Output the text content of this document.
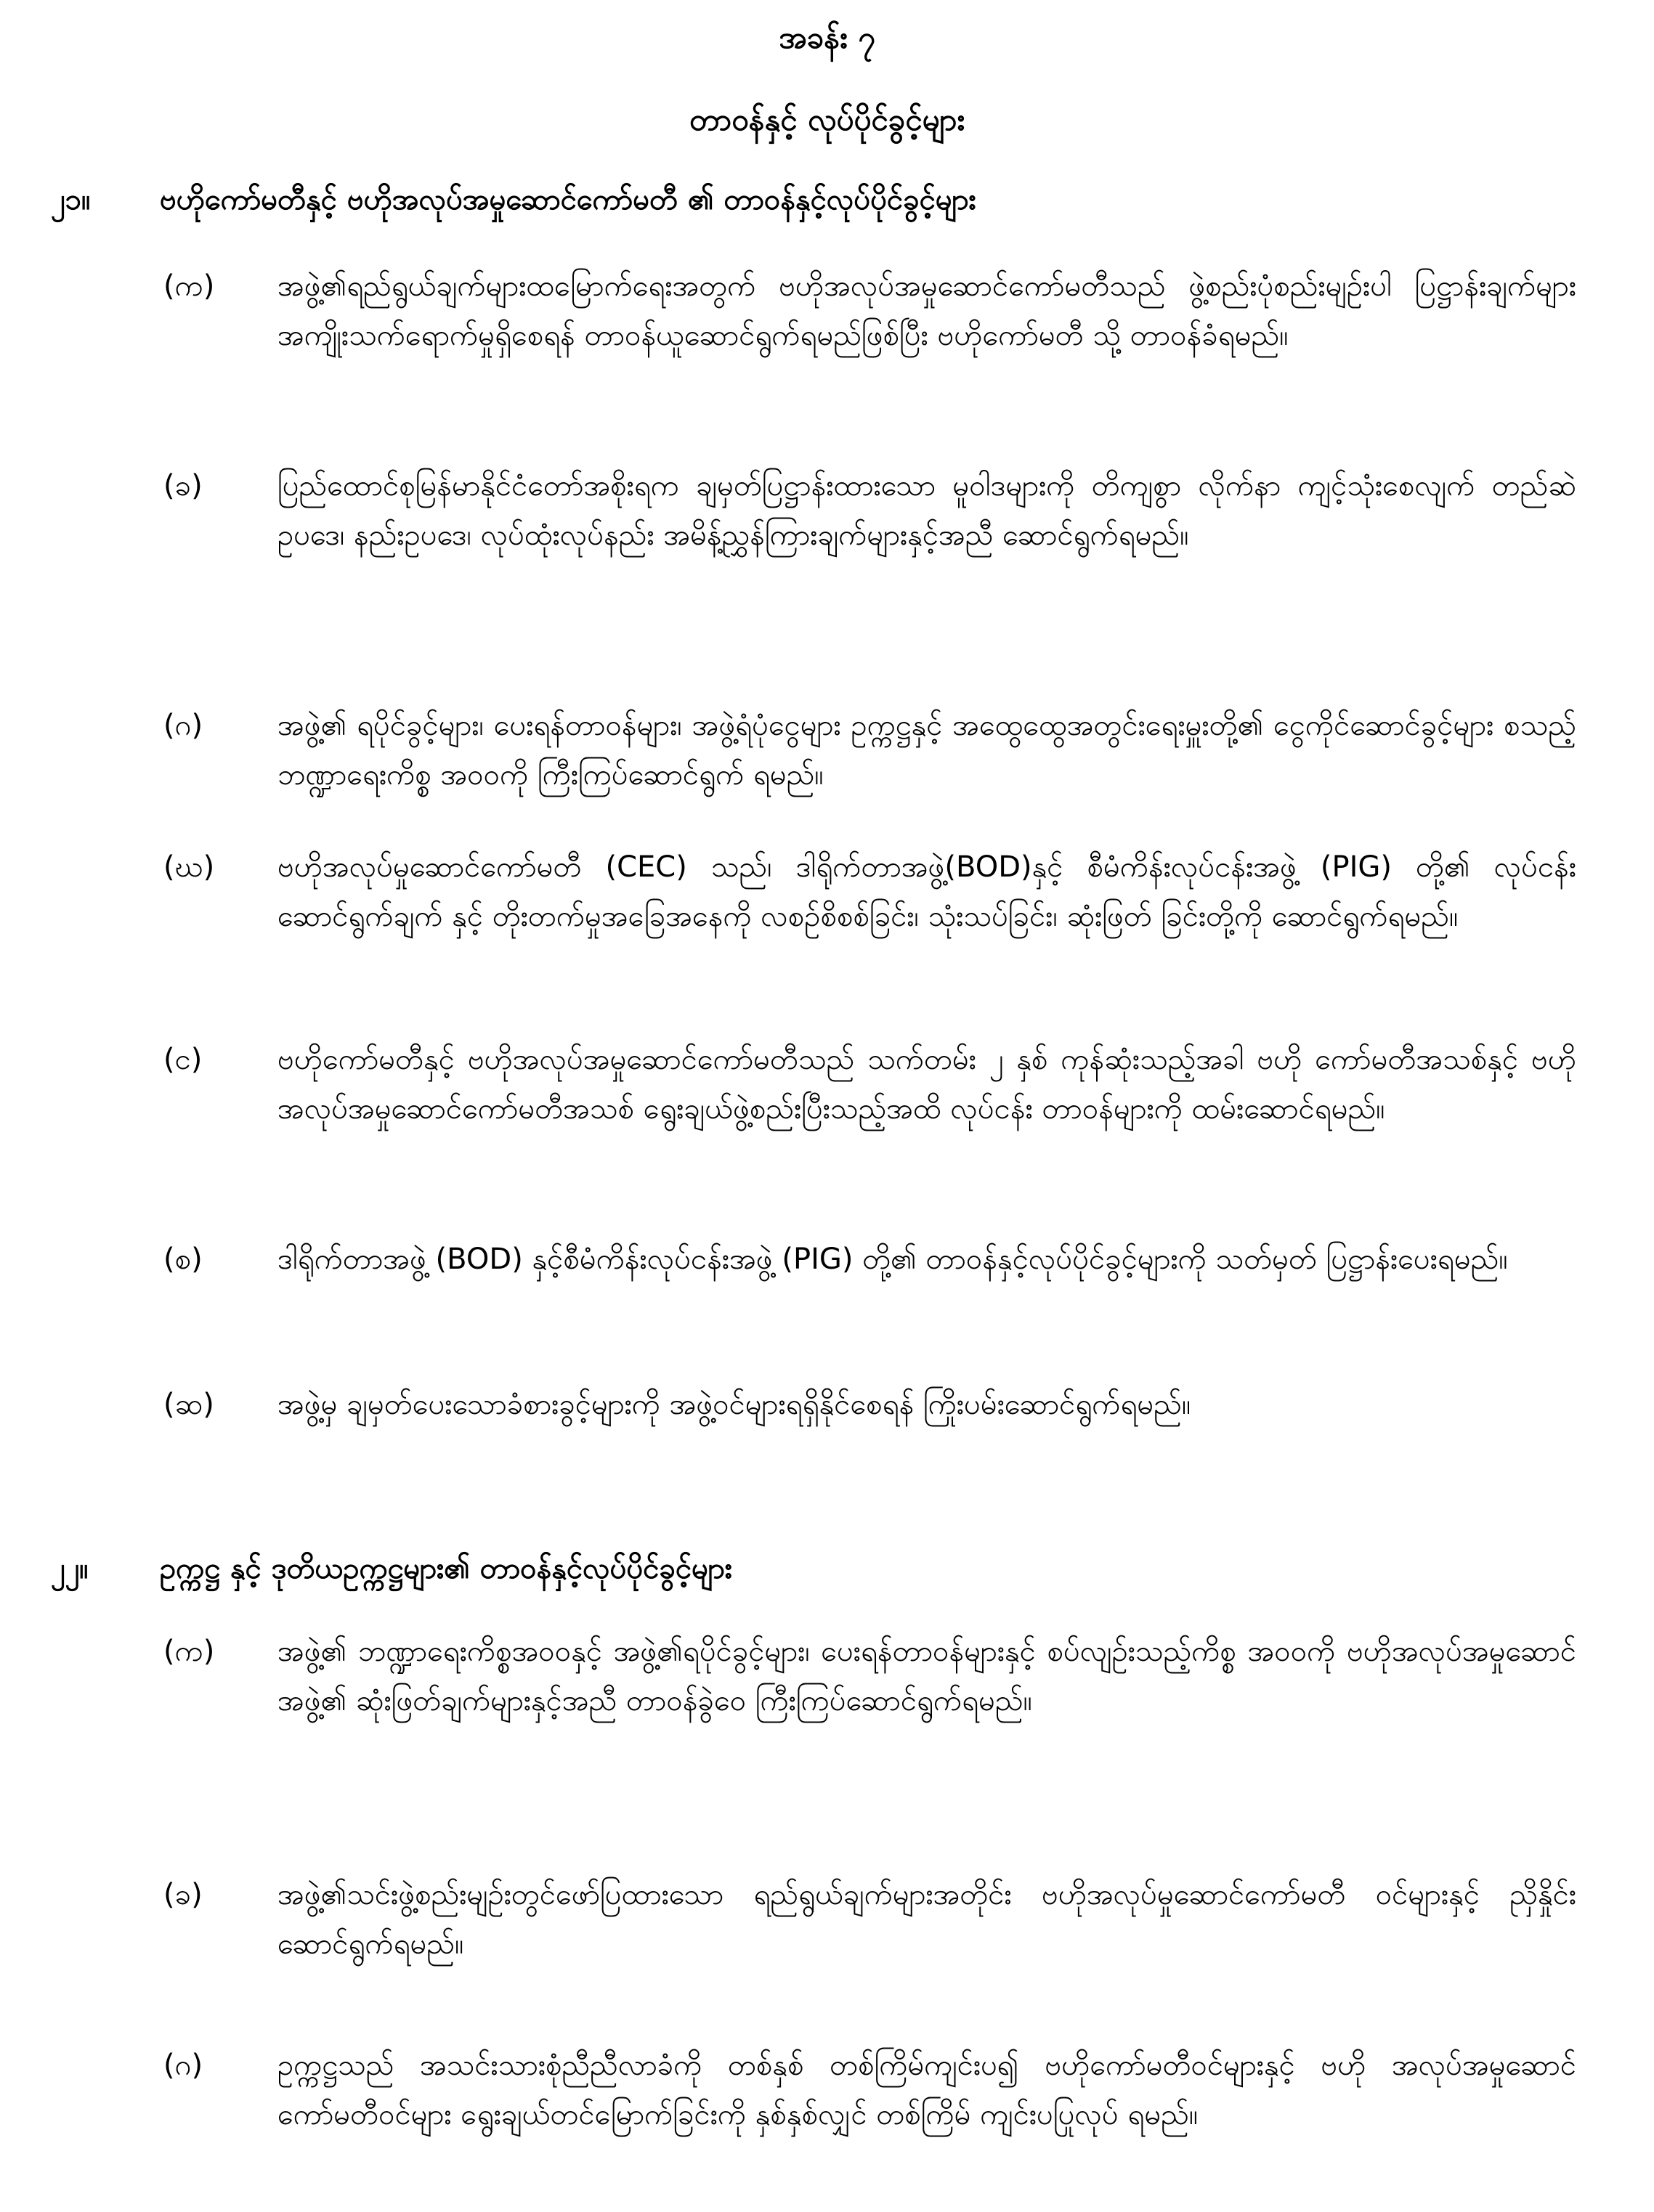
အခန်း ၇
တာဝန်နှင့် လုပ်ပိုင်ခွင့်များ
၂၁။	ဗဟိုကော်မတီနှင့် ဗဟိုအလုပ်အမှုဆောင်ကော်မတီ ၏ တာဝန်နှင့်လုပ်ပိုင်ခွင့်များ
(က)	အဖွဲ့၏ရည်ရွယ်ချက်များထမြောက်ရေးအတွက် ဗဟိုအလုပ်အမှုဆောင်ကော်မတီသည် ဖွဲ့စည်းပုံစည်းမျဉ်းပါ ပြဋ္ဌာန်းချက်များ အကျိုးသက်ရောက်မှုရှိစေရန် တာဝန်ယူဆောင်ရွက်ရမည်ဖြစ်ပြီး ဗဟိုကော်မတီ သို့ တာဝန်ခံရမည်။
(ခ)	ပြည်ထောင်စုမြန်မာနိုင်ငံတော်အစိုးရက ချမှတ်ပြဋ္ဌာန်းထားသော မူဝါဒများကို တိကျစွာ လိုက်နာ ကျင့်သုံးစေလျက် တည်ဆဲဥပဒေ၊ နည်းဥပဒေ၊ လုပ်ထုံးလုပ်နည်း အမိန့်ညွှန်ကြားချက်များနှင့်အညီ ဆောင်ရွက်ရမည်။
(ဂ)	အဖွဲ့၏ ရပိုင်ခွင့်များ၊ ပေးရန်တာဝန်များ၊ အဖွဲ့ရံပုံငွေများ ဥက္ကဋ္ဌနှင့် အထွေထွေအတွင်းရေးမှူးတို့၏ ငွေကိုင်ဆောင်ခွင့်များ စသည့် ဘဏ္ဍာရေးကိစ္စ အဝဝကို ကြီးကြပ်ဆောင်ရွက် ရမည်။
(ဃ)	ဗဟိုအလုပ်မှုဆောင်ကော်မတီ (CEC) သည်၊ ဒါရိုက်တာအဖွဲ့(BOD)နှင့် စီမံကိန်းလုပ်ငန်းအဖွဲ့ (PIG) တို့၏ လုပ်ငန်းဆောင်ရွက်ချက် နှင့် တိုးတက်မှုအခြေအနေကို လစဉ်စိစစ်ခြင်း၊ သုံးသပ်ခြင်း၊ ဆုံးဖြတ် ခြင်းတို့ကို ဆောင်ရွက်ရမည်။
(င)	ဗဟိုကော်မတီနှင့် ဗဟိုအလုပ်အမှုဆောင်ကော်မတီသည် သက်တမ်း ၂ နှစ် ကုန်ဆုံးသည့်အခါ ဗဟို ကော်မတီအသစ်နှင့် ဗဟိုအလုပ်အမှုဆောင်ကော်မတီအသစ် ရွေးချယ်ဖွဲ့စည်းပြီးသည့်အထိ လုပ်ငန်း တာဝန်များကို ထမ်းဆောင်ရမည်။
(စ)	ဒါရိုက်တာအဖွဲ့ (BOD) နှင့်စီမံကိန်းလုပ်ငန်းအဖွဲ့ (PIG) တို့၏ တာဝန်နှင့်လုပ်ပိုင်ခွင့်များကို သတ်မှတ် ပြဋ္ဌာန်းပေးရမည်။
(ဆ)	အဖွဲ့မှ ချမှတ်ပေးသောခံစားခွင့်များကို အဖွဲ့ဝင်များရရှိနိုင်စေရန် ကြိုးပမ်းဆောင်ရွက်ရမည်။
၂၂။	ဥက္ကဋ္ဌ နှင့် ဒုတိယဥက္ကဋ္ဌများ၏ တာဝန်နှင့်လုပ်ပိုင်ခွင့်များ
(က)	အဖွဲ့၏ ဘဏ္ဍာရေးကိစ္စအဝဝနှင့် အဖွဲ့၏ရပိုင်ခွင့်များ၊ ပေးရန်တာဝန်များနှင့် စပ်လျဉ်းသည့်ကိစ္စ အဝဝကို ဗဟိုအလုပ်အမှုဆောင်အဖွဲ့၏ ဆုံးဖြတ်ချက်များနှင့်အညီ တာဝန်ခွဲဝေ ကြီးကြပ်ဆောင်ရွက်ရမည်။
(ခ)	အဖွဲ့၏သင်းဖွဲ့စည်းမျဉ်းတွင်ဖော်ပြထားသော ရည်ရွယ်ချက်များအတိုင်း ဗဟိုအလုပ်မှုဆောင်ကော်မတီ ဝင်များနှင့် ညှိနှိုင်းဆောင်ရွက်ရမည်။
(ဂ)	ဥက္ကဋ္ဌသည် အသင်းသားစုံညီညီလာခံကို တစ်နှစ် တစ်ကြိမ်ကျင်းပ၍ ဗဟိုကော်မတီဝင်များနှင့် ဗဟို အလုပ်အမှုဆောင်ကော်မတီဝင်များ ရွေးချယ်တင်မြောက်ခြင်းကို နှစ်နှစ်လျှင် တစ်ကြိမ် ကျင်းပပြုလုပ် ရမည်။
